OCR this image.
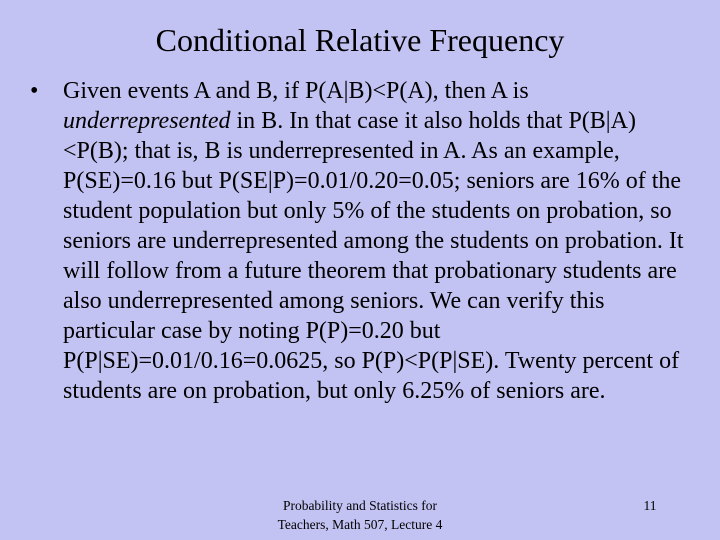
Conditional Relative Frequency
• Given events A and B, if P(A|B)<P(A), then A is underrepresented in B. In that case it also holds that P(B|A)<P(B); that is, B is underrepresented in A. As an example, P(SE)=0.16 but P(SE|P)=0.01/0.20=0.05; seniors are 16% of the student population but only 5% of the students on probation, so seniors are underrepresented among the students on probation. It will follow from a future theorem that probationary students are also underrepresented among seniors. We can verify this particular case by noting P(P)=0.20 but P(P|SE)=0.01/0.16=0.0625, so P(P)<P(P|SE). Twenty percent of students are on probation, but only 6.25% of seniors are.
Probability and Statistics for
Teachers, Math 507, Lecture 4
11
